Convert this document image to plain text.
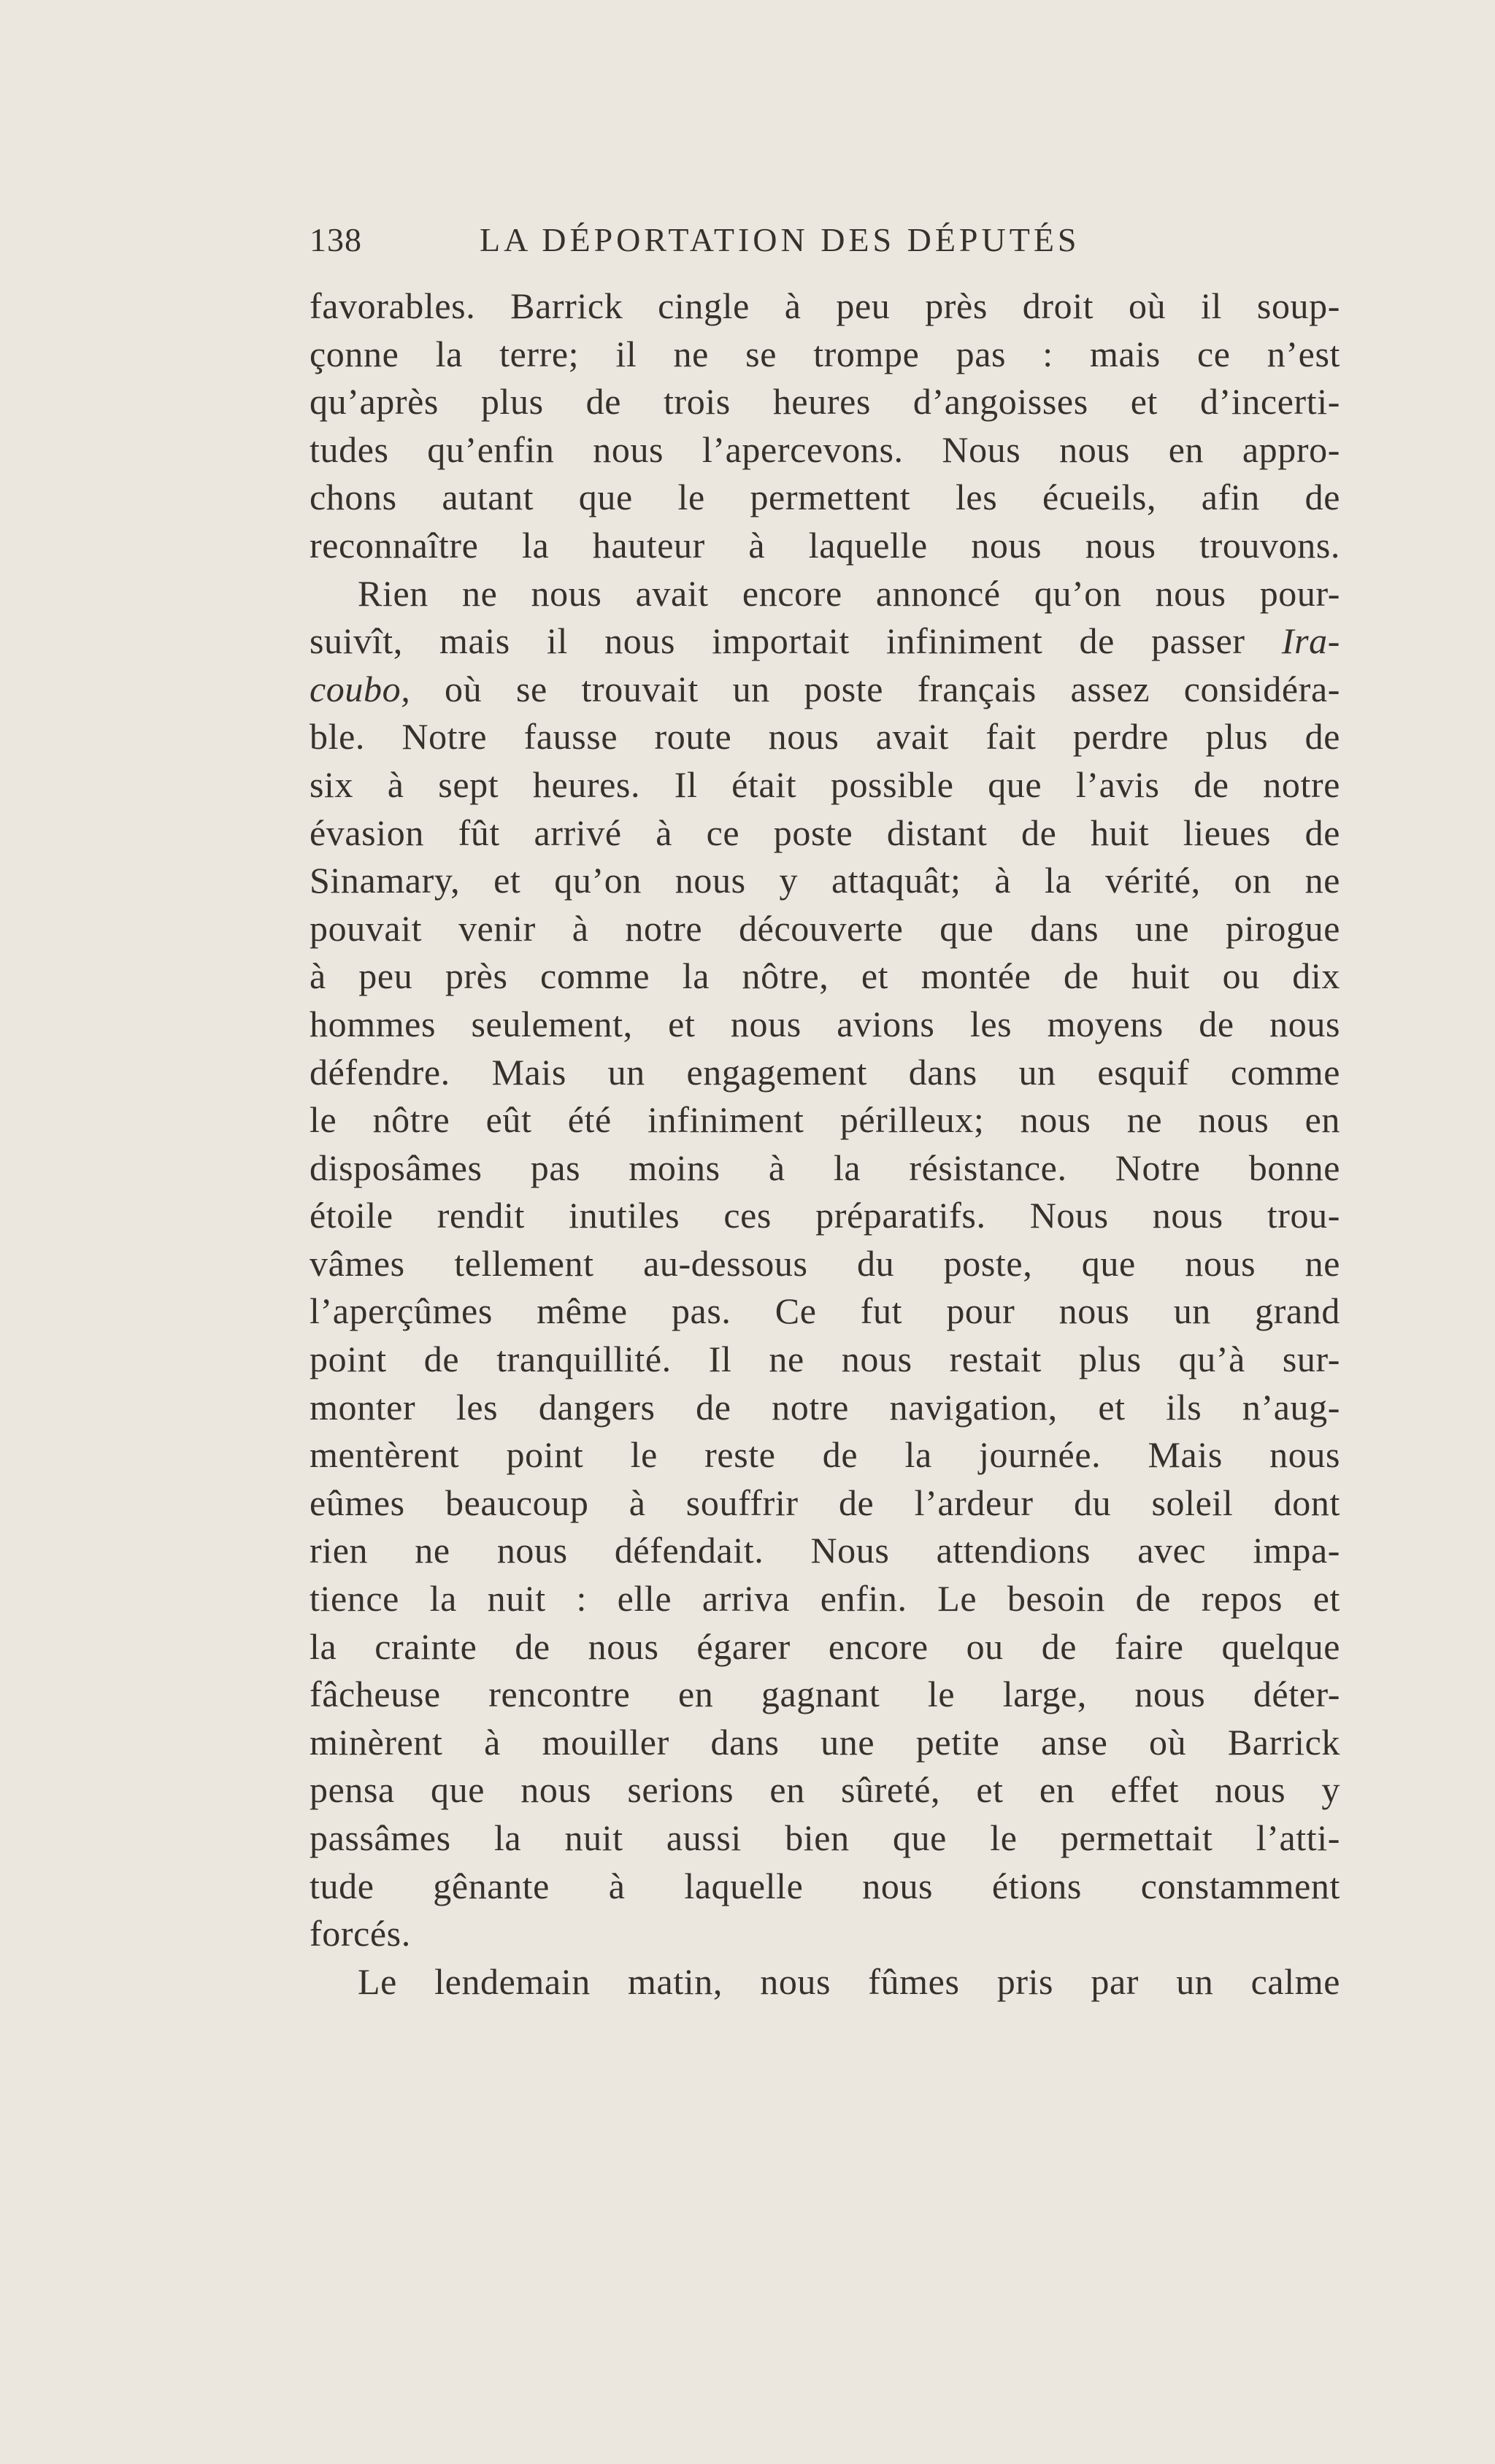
138	LA DÉPORTATION DES DÉPUTÉS
favorables. Barrick cingle à peu près droit où il soup-
çonne la terre; il ne se trompe pas : mais ce n’est
qu’après plus de trois heures d’angoisses et d’incerti-
tudes qu’enfin nous l’apercevons. Nous nous en appro-
chons autant que le permettent les écueils, afin de
reconnaître la hauteur à laquelle nous nous trouvons.
Rien ne nous avait encore annoncé qu’on nous pour-
suivît, mais il nous importait infiniment de passer Ira-
coubo, où se trouvait un poste français assez considéra-
ble. Notre fausse route nous avait fait perdre plus de
six à sept heures. Il était possible que l’avis de notre
évasion fût arrivé à ce poste distant de huit lieues de
Sinamary, et qu’on nous y attaquât; à la vérité, on ne
pouvait venir à notre découverte que dans une pirogue
à peu près comme la nôtre, et montée de huit ou dix
hommes seulement, et nous avions les moyens de nous
défendre. Mais un engagement dans un esquif comme
le nôtre eût été infiniment périlleux; nous ne nous en
disposâmes pas moins à la résistance. Notre bonne
étoile rendit inutiles ces préparatifs. Nous nous trou-
vâmes tellement au-dessous du poste, que nous ne
l’aperçûmes même pas. Ce fut pour nous un grand
point de tranquillité. Il ne nous restait plus qu’à sur-
monter les dangers de notre navigation, et ils n’aug-
mentèrent point le reste de la journée. Mais nous
eûmes beaucoup à souffrir de l’ardeur du soleil dont
rien ne nous défendait. Nous attendions avec impa-
tience la nuit : elle arriva enfin. Le besoin de repos et
la crainte de nous égarer encore ou de faire quelque
fâcheuse rencontre en gagnant le large, nous déter-
minèrent à mouiller dans une petite anse où Barrick
pensa que nous serions en sûreté, et en effet nous y
passâmes la nuit aussi bien que le permettait l’atti-
tude gênante à laquelle nous étions constamment
forcés.
Le lendemain matin, nous fûmes pris par un calme
